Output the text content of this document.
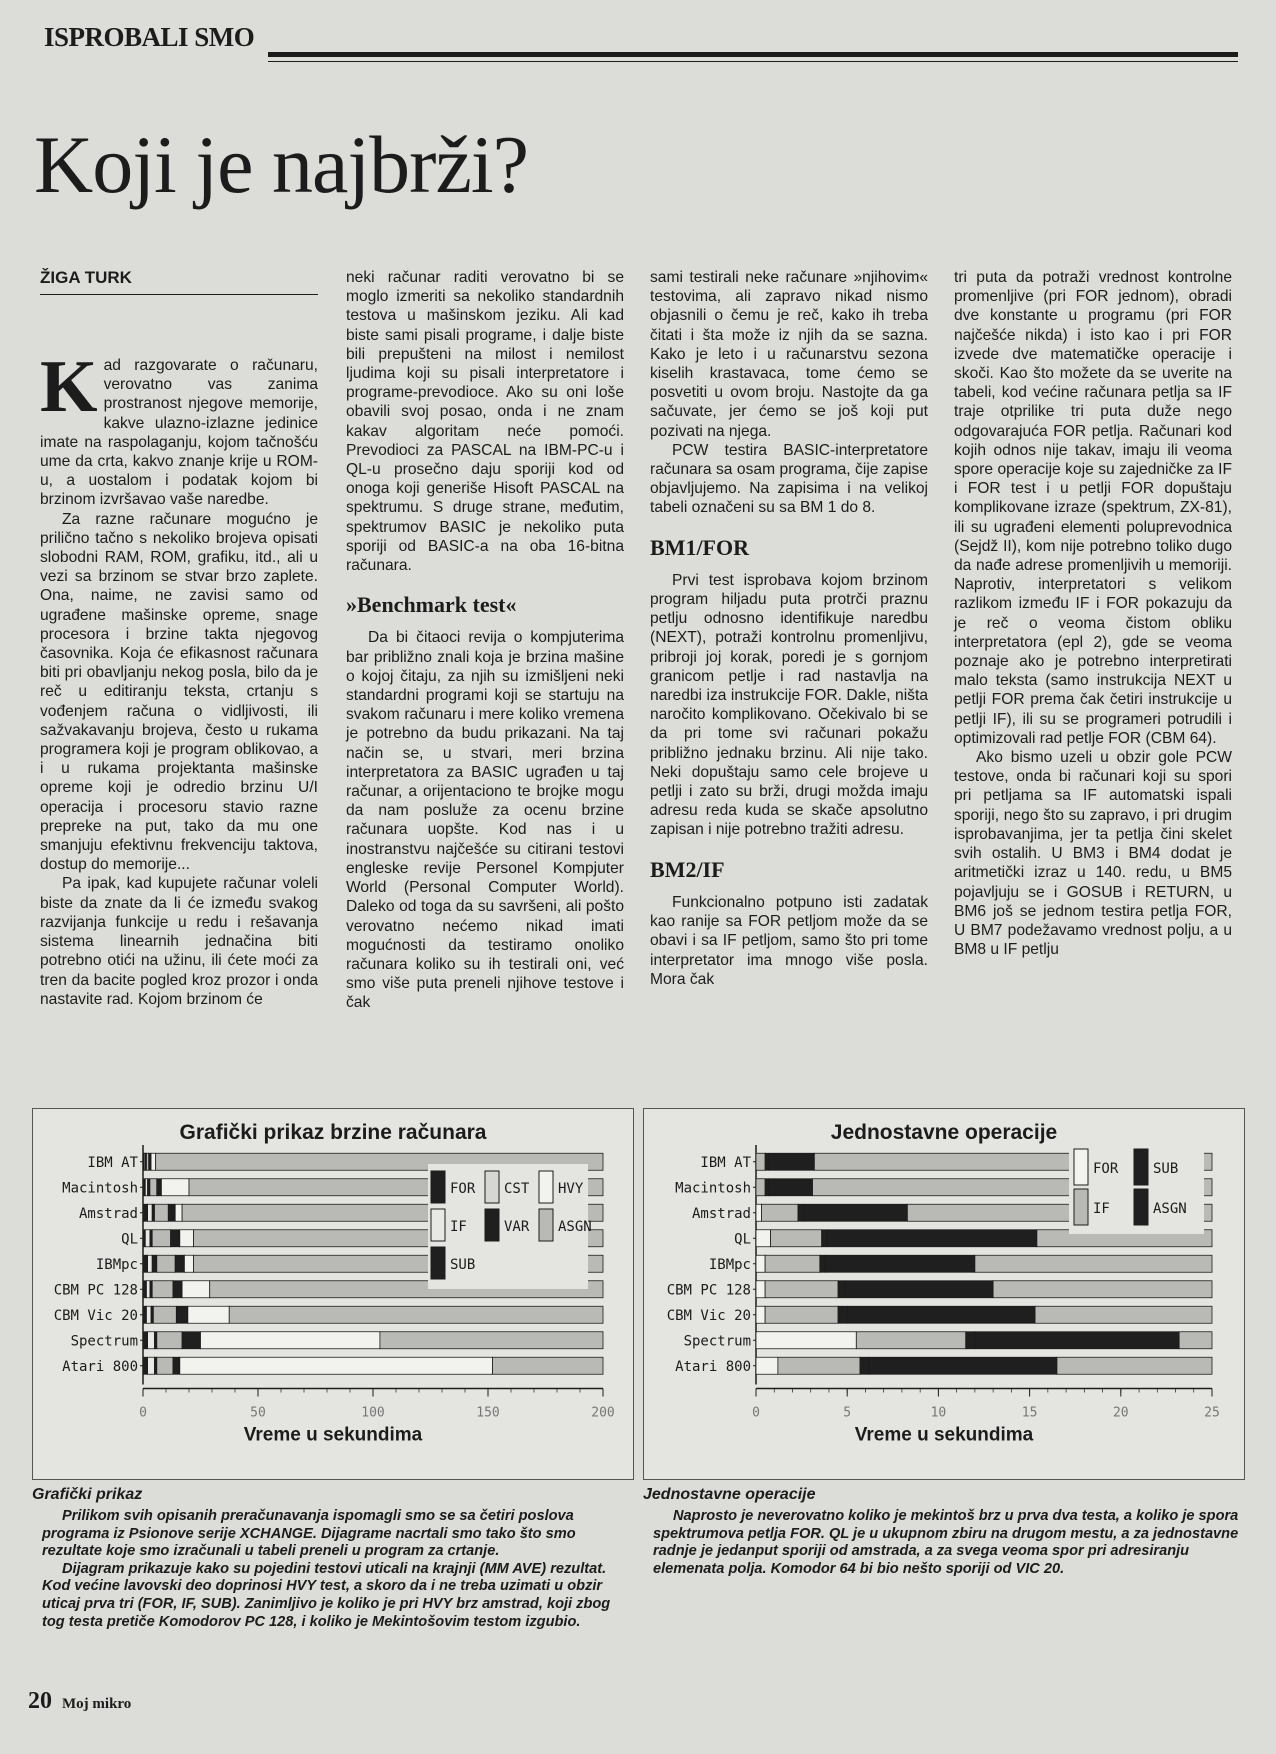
ISPROBALI SMO
Koji je najbrži?
ŽIGA TURK
K ad razgovarate o računaru, verovatno vas zanima prostranost njegove memorije, kakve ulazno-izlazne jedinice imate na raspolaganju, kojom tačnošću ume da crta, kakvo znanje krije u ROM-u, a uostalom i podatak kojom bi brzinom izvršavao vaše naredbe.

Za razne računare mogućno je prilično tačno s nekoliko brojeva opisati slobodni RAM, ROM, grafiku, itd., ali u vezi sa brzinom se stvar brzo zaplete. Ona, naime, ne zavisi samo od ugrađene mašinske opreme, snage procesora i brzine takta njegovog časovnika. Koja će efikasnost računara biti pri obavljanju nekog posla, bilo da je reč u editiranju teksta, crtanju s vođenjem računa o vidljivosti, ili sažvakavanju brojeva, često u rukama programera koji je program oblikovao, a i u rukama projektanta mašinske opreme koji je odredio brzinu U/I operacija i procesoru stavio razne prepreke na put, tako da mu one smanjuju efektivnu frekvenciju taktova, dostup do memorije...

Pa ipak, kad kupujete računar voleli biste da znate da li će između svakog razvijanja funkcije u redu i rešavanja sistema linearnih jednačina biti potrebno otići na užinu, ili ćete moći za tren da bacite pogled kroz prozor i onda nastavite rad. Kojom brzinom će

neki računar raditi verovatno bi se moglo izmeriti sa nekoliko standardnih testova u mašinskom jeziku. Ali kad biste sami pisali programe, i dalje biste bili prepušteni na milost i nemilost ljudima koji su pisali interpretatore i programe-prevodioce. Ako su oni loše obavili svoj posao, onda i ne znam kakav algoritam neće pomoći. Prevodioci za PASCAL na IBM-PC-u i QL-u prosečno daju sporiji kod od onoga koji generiše Hisoft PASCAL na spektrumu. S druge strane, međutim, spektrumov BASIC je nekoliko puta sporiji od BASIC-a na oba 16-bitna računara.

»Benchmark test«

Da bi čitaoci revija o kompjuterima bar približno znali koja je brzina mašine o kojoj čitaju, za njih su izmišljeni neki standardni programi koji se startuju na svakom računaru i mere koliko vremena je potrebno da budu prikazani. Na taj način se, u stvari, meri brzina interpretatora za BASIC ugrađen u taj računar, a orijentaciono te brojke mogu da nam posluže za ocenu brzine računara uopšte. Kod nas i u inostranstvu najčešće su citirani testovi engleske revije Personel Kompjuter World (Personal Computer World). Daleko od toga da su savršeni, ali pošto verovatno nećemo nikad imati mogućnosti da testiramo onoliko računara koliko su ih testirali oni, već smo više puta preneli njihove testove i čak

sami testirali neke računare »njihovim« testovima, ali zapravo nikad nismo objasnili o čemu je reč, kako ih treba čitati i šta može iz njih da se sazna. Kako je leto i u računarstvu sezona kiselih krastavaca, tome ćemo se posvetiti u ovom broju. Nastojte da ga sačuvate, jer ćemo se još koji put pozivati na njega.

PCW testira BASIC-interpretatore računara sa osam programa, čije zapise objavljujemo. Na zapisima i na velikoj tabeli označeni su sa BM 1 do 8.

BM1/FOR

Prvi test isprobava kojom brzinom program hiljadu puta protrči praznu petlju odnosno identifikuje naredbu (NEXT), potraži kontrolnu promenljivu, pribroji joj korak, poredi je s gornjom granicom petlje i rad nastavlja na naredbi iza instrukcije FOR. Dakle, ništa naročito komplikovano. Očekivalo bi se da pri tome svi računari pokažu približno jednaku brzinu. Ali nije tako. Neki dopuštaju samo cele brojeve u petlji i zato su brži, drugi možda imaju adresu reda kuda se skače apsolutno zapisan i nije potrebno tražiti adresu.

BM2/IF

Funkcionalno potpuno isti zadatak kao ranije sa FOR petljom može da se obavi i sa IF petljom, samo što pri tome interpretator ima mnogo više posla. Mora čak

tri puta da potraži vrednost kontrolne promenljive (pri FOR jednom), obradi dve konstante u programu (pri FOR najčešće nikda) i isto kao i pri FOR izvede dve matematičke operacije i skoči. Kao što možete da se uverite na tabeli, kod većine računara petlja sa IF traje otprilike tri puta duže nego odgovarajuća FOR petlja. Računari kod kojih odnos nije takav, imaju ili veoma spore operacije koje su zajedničke za IF i FOR test i u petlji FOR dopuštaju komplikovane izraze (spektrum, ZX-81), ili su ugrađeni elementi poluprevodnica (Sejdž II), kom nije potrebno toliko dugo da nađe adrese promenljivih u memoriji. Naprotiv, interpretatori s velikom razlikom između IF i FOR pokazuju da je reč o veoma čistom obliku interpretatora (epl 2), gde se veoma poznaje ako je potrebno interpretirati malo teksta (samo instrukcija NEXT u petlji FOR prema čak četiri instrukcije u petlji IF), ili su se programeri potrudili i optimizovali rad petlje FOR (CBM 64).

Ako bismo uzeli u obzir gole PCW testove, onda bi računari koji su spori pri petljama sa IF automatski ispali sporiji, nego što su zapravo, i pri drugim isprobavanjima, jer ta petlja čini skelet svih ostalih. U BM3 i BM4 dodat je aritmetički izraz u 140. redu, u BM5 pojavljuju se i GOSUB i RETURN, u BM6 još se jednom testira petlja FOR, U BM7 podežavamo vrednost polju, a u BM8 u IF petlju

Grafički prikaz brzine računara
IBM AT
Macintosh
Amstrad
QL
IBMpc
CBM PC 128
CBM Vic 20
Spectrum
Atari 800
0	50	100	150	200
Vreme u sekundima
FOR CST HVY
IF	VAR ASGN
SUB
Jednostavne operacije
IBM AT
Macintosh
Amstrad
QL
IBMpc
CBM PC 128
CBM Vic 20
Spectrum
Atari 800
0	5	10	15	20	25
Vreme u sekundima
FOR SUB
IF	ASGN
Grafički prikaz

Prilikom svih opisanih preračunavanja ispomagli smo se sa četiri poslova programa iz Psionove serije XCHANGE. Dijagrame nacrtali smo tako što smo rezultate koje smo izračunali u tabeli preneli u program za crtanje.

Dijagram prikazuje kako su pojedini testovi uticali na krajnji (MM AVE) rezultat. Kod većine lavovski deo doprinosi HVY test, a skoro da i ne treba uzimati u obzir uticaj prva tri (FOR, IF, SUB). Zanimljivo je koliko je pri HVY brz amstrad, koji zbog tog testa pretiče Komodorov PC 128, i koliko je Mekintošovim testom izgubio.

Jednostavne operacije

Naprosto je neverovatno koliko je mekintoš brz u prva dva testa, a koliko je spora spektrumova petlja FOR. QL je u ukupnom zbiru na drugom mestu, a za jednostavne radnje je jedanput sporiji od amstrada, a za svega veoma spor pri adresiranju elemenata polja. Komodor 64 bi bio nešto sporiji od VIC 20.

20 Moj mikro
